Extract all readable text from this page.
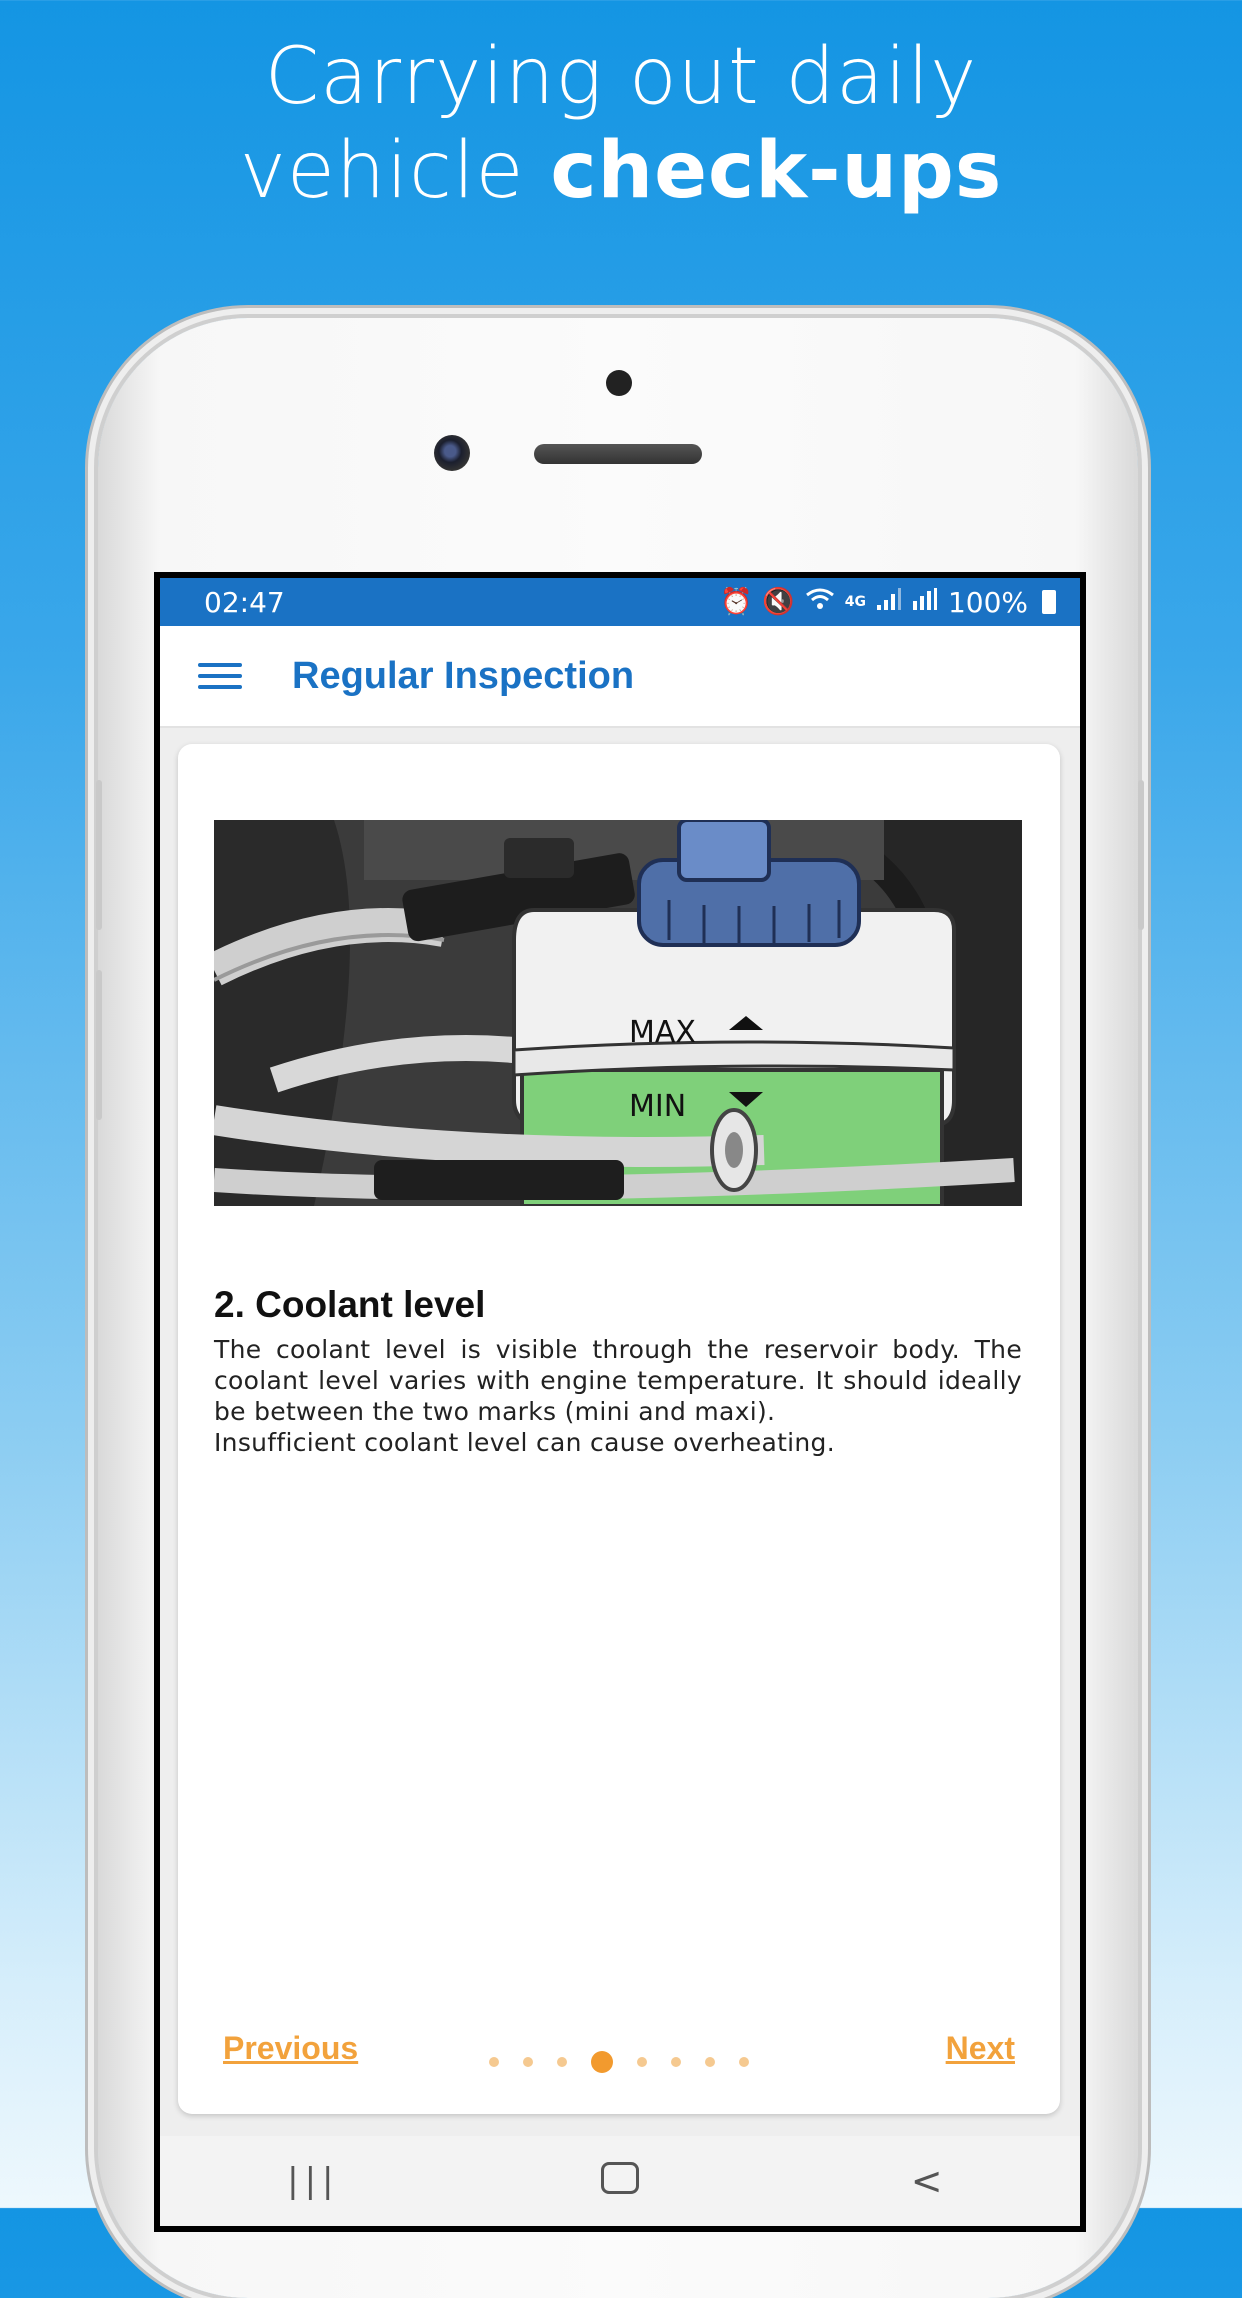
Carrying out daily
vehicle check-ups
02:47	⏰ 🔇	4G	100%
Regular Inspection
MAX
MIN
2. Coolant level
The coolant level is visible through the reservoir body. The coolant level varies with engine temperature. It should ideally be between the two marks (mini and maxi).
Insufficient coolant level can cause overheating.
Previous	Next
|||	<
